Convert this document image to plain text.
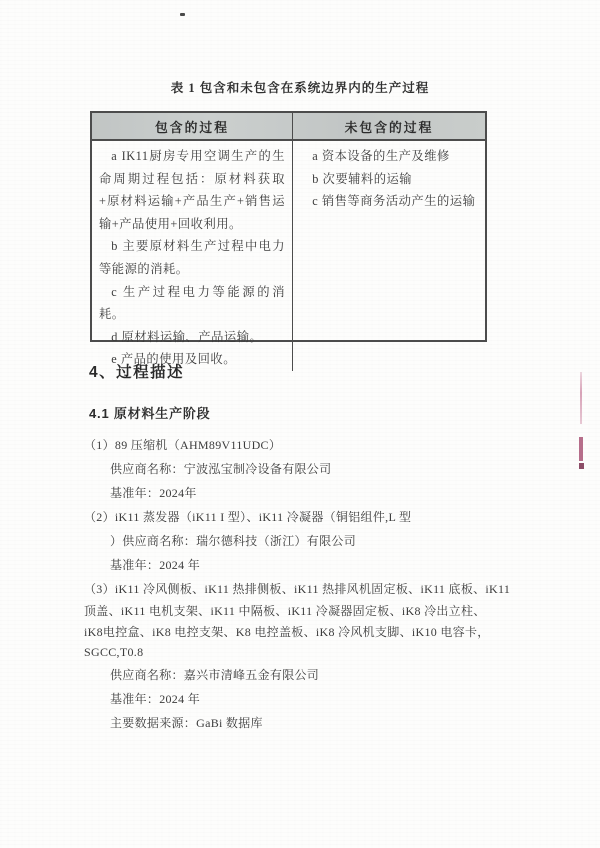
表 1 包含和未包含在系统边界内的生产过程
包含的过程	未包含的过程

a IK11厨房专用空调生产的生命周期过程包括：原材料获取+原材料运输+产品生产+销售运输+产品使用+回收利用。

b 主要原材料生产过程中电力等能源的消耗。

c 生产过程电力等能源的消耗。

d 原材料运输、产品运输。

e 产品的使用及回收。

a 资本设备的生产及维修

b 次要辅料的运输

c 销售等商务活动产生的运输

4、过程描述
4.1 原材料生产阶段
（1）89 压缩机（AHM89V11UDC）
供应商名称：宁波泓宝制冷设备有限公司
基准年：2024年
（2）iK11 蒸发器（iK11 I 型）、iK11 冷凝器（铜铝组件,L 型
）供应商名称：瑞尔德科技（浙江）有限公司
基准年：2024 年
（3）iK11 冷风侧板、iK11 热排侧板、iK11 热排风机固定板、iK11 底板、iK11
顶盖、iK11 电机支架、iK11 中隔板、iK11 冷凝器固定板、iK8 冷出立柱、
iK8电控盒、iK8 电控支架、K8 电控盖板、iK8 冷风机支脚、iK10 电容卡，
SGCC,T0.8
供应商名称：嘉兴市清峰五金有限公司
基准年：2024 年
主要数据来源：GaBi 数据库
